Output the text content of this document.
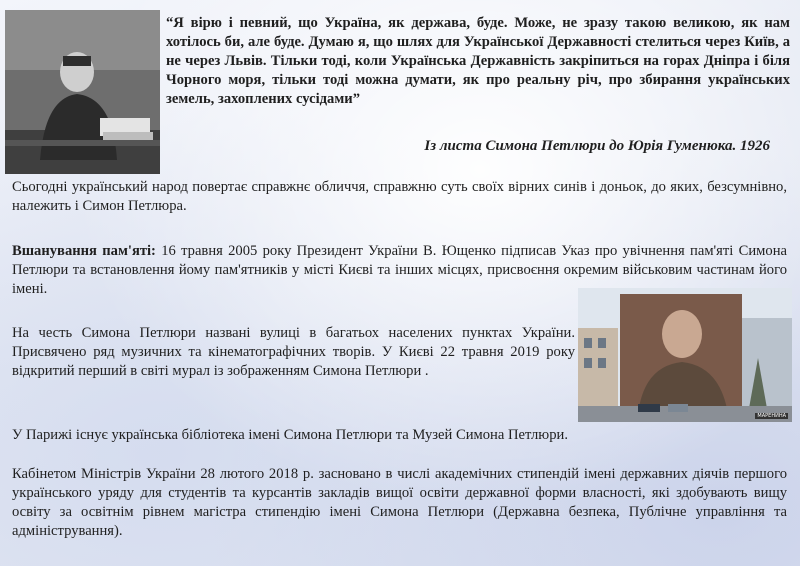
“Я вірю і певний, що Україна, як держава, буде. Може, не зразу такою великою, як нам хотілось би, але буде. Думаю я, що шлях для Української Державності стелиться через Київ, а не через Львів. Тільки тоді, коли Українська Державність закріпиться на горах Дніпра і біля Чорного моря, тільки тоді можна думати, як про реальну річ, про збирання українських земель, захоплених сусідами”
Із листа Симона Петлюри до Юрія Гуменюка. 1926
Сьогодні український народ повертає справжнє обличчя, справжню суть своїх вірних синів і доньок, до яких, безсумнівно, належить і Симон Петлюра.
Вшанування пам'яті: 16 травня 2005 року Президент України В. Ющенко підписав Указ про увічнення пам'яті Симона Петлюри та встановлення йому пам'ятників у місті Києві та інших місцях, присвоєння окремим військовим частинам його імені.
На честь Симона Петлюри названі вулиці в багатьох населених пунктах України. Присвячено ряд музичних та кінематографічних творів. У Києві 22 травня 2019 року відкритий перший в світі мурал із зображенням Симона Петлюри .
МАРЕНИНА
У Парижі існує українська бібліотека імені Симона Петлюри та Музей Симона Петлюри.
Кабінетом Міністрів України 28 лютого 2018 р. засновано в числі академічних стипендій імені державних діячів першого українського уряду для студентів та курсантів закладів вищої освіти державної форми власності, які здобувають вищу освіту за освітнім рівнем магістра стипендію імені Симона Петлюри (Державна безпека, Публічне управління та адміністрування).
